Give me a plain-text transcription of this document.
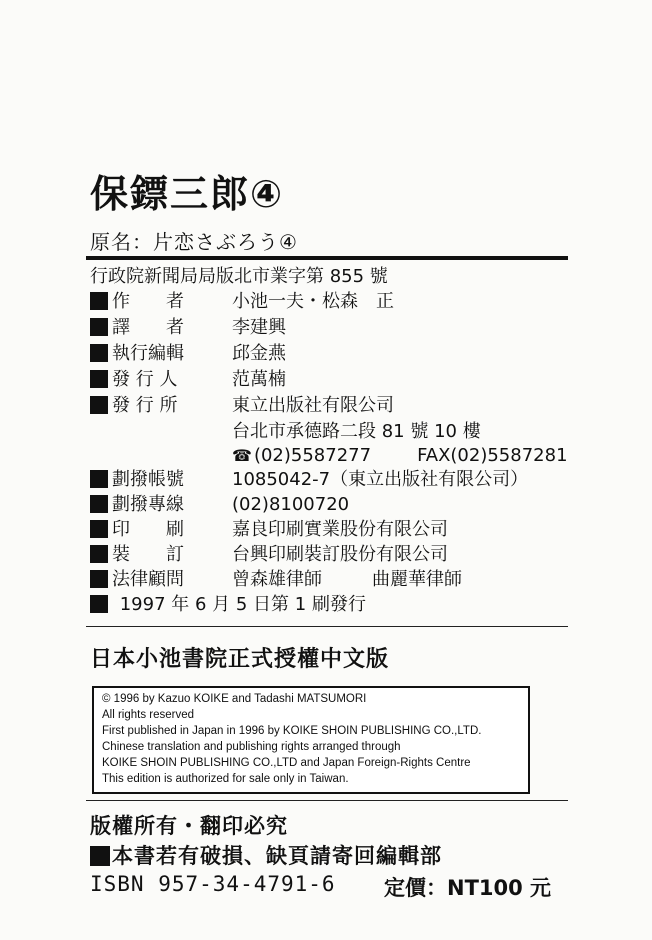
保鏢三郎④
原名：片恋さぶろう④
行政院新聞局局版北市業字第 855 號
作　　者	小池一夫・松森　正
譯　　者	李建興
執行編輯	邱金燕
發 行 人	范萬楠
發 行 所	東立出版社有限公司
台北市承德路二段 81 號 10 樓
☎ (02)5587277	FAX(02)5587281
劃撥帳號	1085042-7（東立出版社有限公司）
劃撥專線	(02)8100720
印　　刷	嘉良印刷實業股份有限公司
裝　　訂	台興印刷裝訂股份有限公司
法律顧問	曾森雄律師	曲麗華律師
1997 年 6 月 5 日第 1 刷發行
日本小池書院正式授權中文版
© 1996 by Kazuo KOIKE and Tadashi MATSUMORI
All rights reserved
First published in Japan in 1996 by KOIKE SHOIN PUBLISHING CO.,LTD.
Chinese translation and publishing rights arranged through
KOIKE SHOIN PUBLISHING CO.,LTD and Japan Foreign-Rights Centre
This edition is authorized for sale only in Taiwan.
版權所有・翻印必究
本書若有破損、缺頁請寄回編輯部
ISBN 957-34-4791-6 定價：NT100 元
